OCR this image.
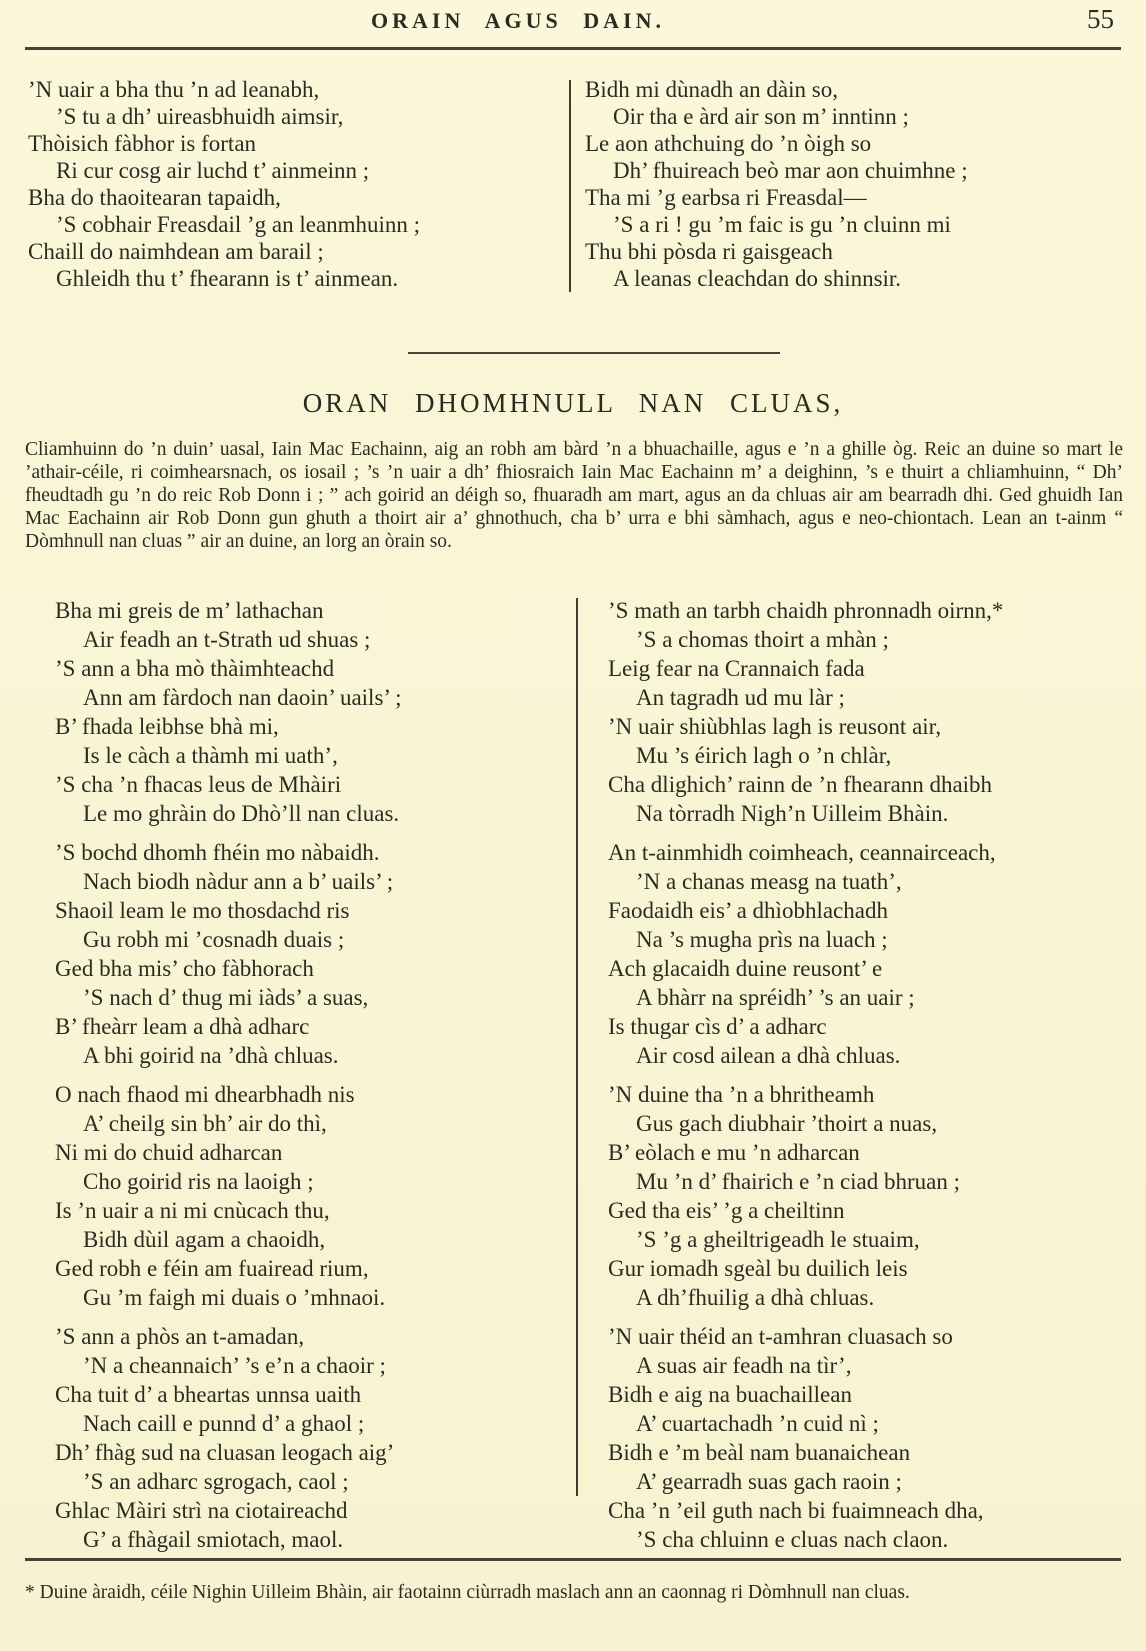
ORAIN AGUS DAIN.	55

’N uair a bha thu ’n ad leanabh,

’S tu a dh’ uireasbhuidh aimsir,

Thòisich fàbhor is fortan

Ri cur cosg air luchd t’ ainmeinn ;

Bha do thaoitearan tapaidh,

’S cobhair Freasdail ’g an leanmhuinn ;

Chaill do naimhdean am barail ;

Ghleidh thu t’ fhearann is t’ ainmean.

Bidh mi dùnadh an dàin so,

Oir tha e àrd air son m’ inntinn ;

Le aon athchuing do ’n òigh so

Dh’ fhuireach beò mar aon chuimhne ;

Tha mi ’g earbsa ri Freasdal—

’S a ri ! gu ’m faic is gu ’n cluinn mi

Thu bhi pòsda ri gaisgeach

A leanas cleachdan do shinnsir.

ORAN DHOMHNULL NAN CLUAS,

Cliamhuinn do ’n duin’ uasal, Iain Mac Eachainn, aig an robh am bàrd ’n a bhuachaille, agus e ’n a ghille òg. Reic an duine so mart le ’athair-céile, ri coimhearsnach, os iosail ; ’s ’n uair a dh’ fhiosraich Iain Mac Eachainn m’ a deighinn, ’s e thuirt a chliamhuinn, “ Dh’ fheudtadh gu ’n do reic Rob Donn i ; ” ach goirid an déigh so, fhuaradh am mart, agus an da chluas air am bearradh dhi. Ged ghuidh Ian Mac Eachainn air Rob Donn gun ghuth a thoirt air a’ ghnothuch, cha b’ urra e bhi sàmhach, agus e neo-chiontach. Lean an t-ainm “ Dòmhnull nan cluas ” air an duine, an lorg an òrain so.

Bha mi greis de m’ lathachan

Air feadh an t-Strath ud shuas ;

’S ann a bha mò thàimhteachd

Ann am fàrdoch nan daoin’ uails’ ;

B’ fhada leibhse bhà mi,

Is le càch a thàmh mi uath’,

’S cha ’n fhacas leus de Mhàiri

Le mo ghràin do Dhò’ll nan cluas.

’S bochd dhomh fhéin mo nàbaidh.

Nach biodh nàdur ann a b’ uails’ ;

Shaoil leam le mo thosdachd ris

Gu robh mi ’cosnadh duais ;

Ged bha mis’ cho fàbhorach

’S nach d’ thug mi iàds’ a suas,

B’ fheàrr leam a dhà adharc

A bhi goirid na ’dhà chluas.

O nach fhaod mi dhearbhadh nis

A’ cheilg sin bh’ air do thì,

Ni mi do chuid adharcan

Cho goirid ris na laoigh ;

Is ’n uair a ni mi cnùcach thu,

Bidh dùil agam a chaoidh,

Ged robh e féin am fuairead rium,

Gu ’m faigh mi duais o ’mhnaoi.

’S ann a phòs an t-amadan,

’N a cheannaich’ ’s e’n a chaoir ;

Cha tuit d’ a bheartas unnsa uaith

Nach caill e punnd d’ a ghaol ;

Dh’ fhàg sud na cluasan leogach aig’

’S an adharc sgrogach, caol ;

Ghlac Màiri strì na ciotaireachd

G’ a fhàgail smiotach, maol.

’S math an tarbh chaidh phronnadh oirnn,*

’S a chomas thoirt a mhàn ;

Leig fear na Crannaich fada

An tagradh ud mu làr ;

’N uair shiùbhlas lagh is reusont air,

Mu ’s éirich lagh o ’n chlàr,

Cha dlighich’ rainn de ’n fhearann dhaibh

Na tòrradh Nigh’n Uilleim Bhàin.

An t-ainmhidh coimheach, ceannairceach,

’N a chanas measg na tuath’,

Faodaidh eis’ a dhìobhlachadh

Na ’s mugha prìs na luach ;

Ach glacaidh duine reusont’ e

A bhàrr na spréidh’ ’s an uair ;

Is thugar cìs d’ a adharc

Air cosd ailean a dhà chluas.

’N duine tha ’n a bhritheamh

Gus gach diubhair ’thoirt a nuas,

B’ eòlach e mu ’n adharcan

Mu ’n d’ fhairich e ’n ciad bhruan ;

Ged tha eis’ ’g a cheiltinn

’S ’g a gheiltrigeadh le stuaim,

Gur iomadh sgeàl bu duilich leis

A dh’fhuilig a dhà chluas.

’N uair théid an t-amhran cluasach so

A suas air feadh na tìr’,

Bidh e aig na buachaillean

A’ cuartachadh ’n cuid nì ;

Bidh e ’m beàl nam buanaichean

A’ gearradh suas gach raoin ;

Cha ’n ’eil guth nach bi fuaimneach dha,

’S cha chluinn e cluas nach claon.

* Duine àraidh, céile Nighin Uilleim Bhàin, air faotainn ciùrradh maslach ann an caonnag ri Dòmhnull nan cluas.
